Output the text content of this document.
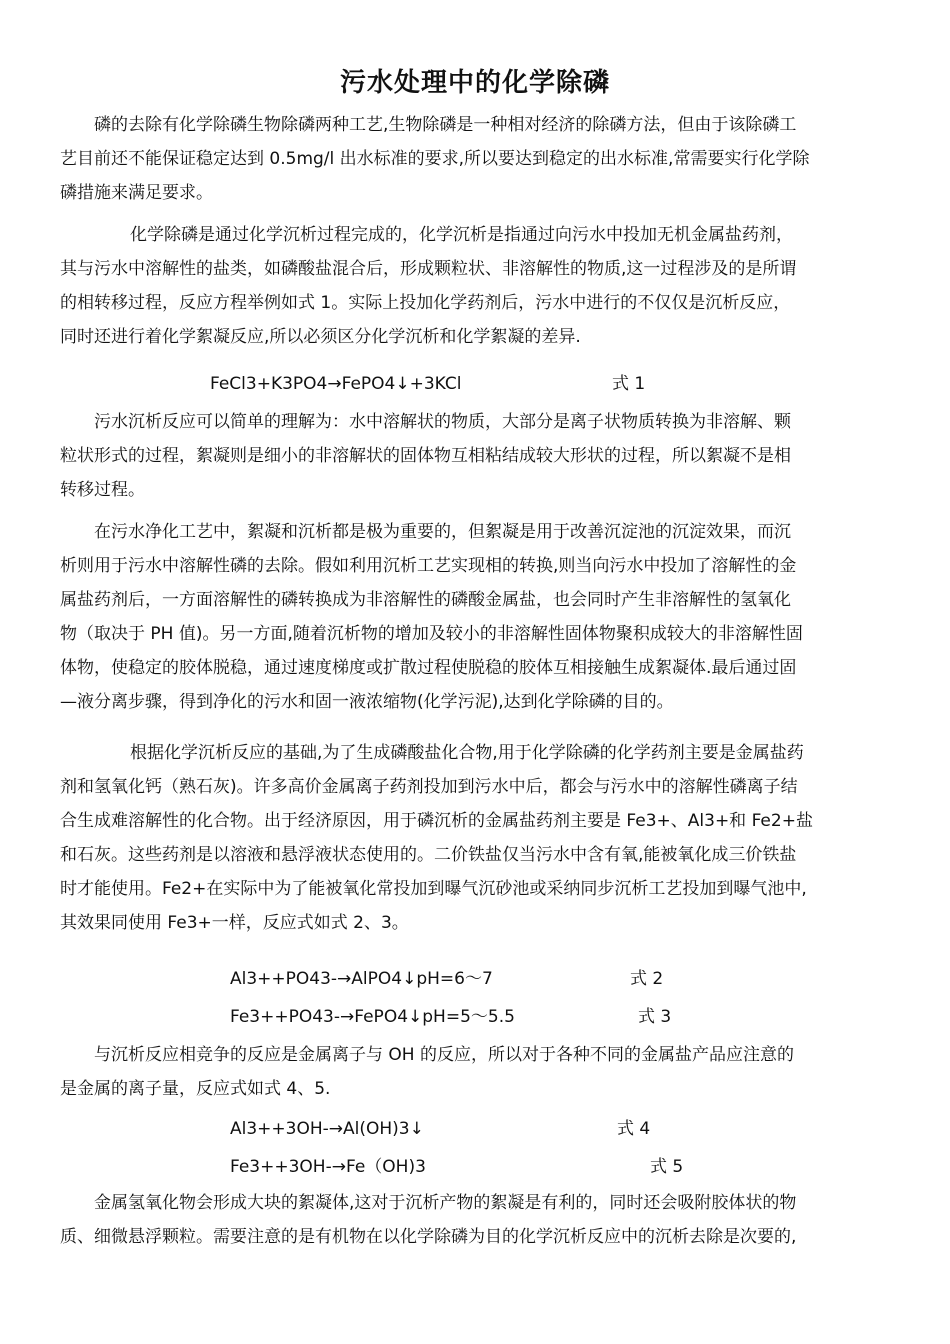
污水处理中的化学除磷
磷的去除有化学除磷生物除磷两种工艺,生物除磷是一种相对经济的除磷方法，但由于该除磷工
艺目前还不能保证稳定达到 0.5mg/l 出水标准的要求,所以要达到稳定的出水标准,常需要实行化学除
磷措施来满足要求。
化学除磷是通过化学沉析过程完成的，化学沉析是指通过向污水中投加无机金属盐药剂，
其与污水中溶解性的盐类，如磷酸盐混合后，形成颗粒状、非溶解性的物质,这一过程涉及的是所谓
的相转移过程，反应方程举例如式 1。实际上投加化学药剂后，污水中进行的不仅仅是沉析反应，
同时还进行着化学絮凝反应,所以必须区分化学沉析和化学絮凝的差异.
FeCl3+K3PO4→FePO4↓+3KCl	式 1
污水沉析反应可以简单的理解为：水中溶解状的物质，大部分是离子状物质转换为非溶解、颗
粒状形式的过程，絮凝则是细小的非溶解状的固体物互相粘结成较大形状的过程，所以絮凝不是相
转移过程。
在污水净化工艺中，絮凝和沉析都是极为重要的，但絮凝是用于改善沉淀池的沉淀效果，而沉
析则用于污水中溶解性磷的去除。假如利用沉析工艺实现相的转换,则当向污水中投加了溶解性的金
属盐药剂后，一方面溶解性的磷转换成为非溶解性的磷酸金属盐，也会同时产生非溶解性的氢氧化
物（取决于 PH 值)。另一方面,随着沉析物的增加及较小的非溶解性固体物聚积成较大的非溶解性固
体物，使稳定的胶体脱稳，通过速度梯度或扩散过程使脱稳的胶体互相接触生成絮凝体.最后通过固
—液分离步骤，得到净化的污水和固一液浓缩物(化学污泥),达到化学除磷的目的。
根据化学沉析反应的基础,为了生成磷酸盐化合物,用于化学除磷的化学药剂主要是金属盐药
剂和氢氧化钙（熟石灰)。许多高价金属离子药剂投加到污水中后，都会与污水中的溶解性磷离子结
合生成难溶解性的化合物。出于经济原因，用于磷沉析的金属盐药剂主要是 Fe3+、Al3+和 Fe2+盐
和石灰。这些药剂是以溶液和悬浮液状态使用的。二价铁盐仅当污水中含有氧,能被氧化成三价铁盐
时才能使用。Fe2+在实际中为了能被氧化常投加到曝气沉砂池或采纳同步沉析工艺投加到曝气池中,
其效果同使用 Fe3+一样，反应式如式 2、3。
Al3++PO43-→AlPO4↓pH=6～7	式 2
Fe3++PO43-→FePO4↓pH=5～5.5	式 3
与沉析反应相竞争的反应是金属离子与 OH 的反应，所以对于各种不同的金属盐产品应注意的
是金属的离子量，反应式如式 4、5.
Al3++3OH-→Al(OH)3↓	式 4
Fe3++3OH-→Fe（OH)3	式 5
金属氢氧化物会形成大块的絮凝体,这对于沉析产物的絮凝是有利的，同时还会吸附胶体状的物
质、细微悬浮颗粒。需要注意的是有机物在以化学除磷为目的化学沉析反应中的沉析去除是次要的,
